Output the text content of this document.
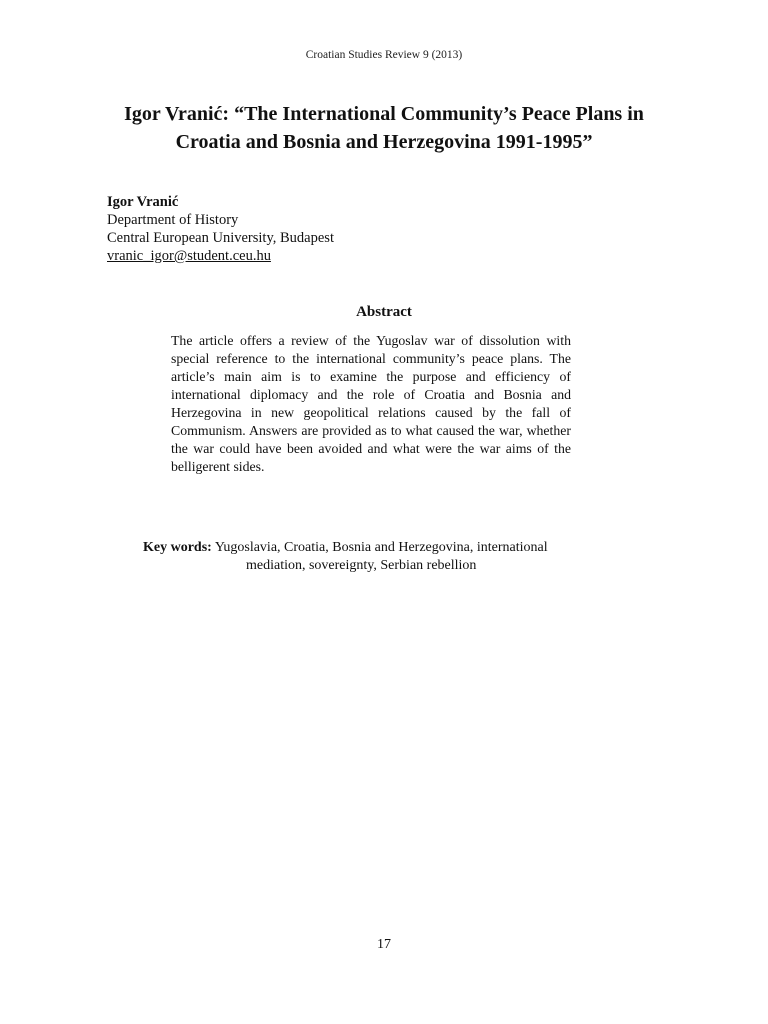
Croatian Studies Review 9 (2013)
Igor Vranić: “The International Community’s Peace Plans in
Croatia and Bosnia and Herzegovina 1991-1995”
Igor Vranić
Department of History
Central European University, Budapest
vranic_igor@student.ceu.hu
Abstract
The article offers a review of the Yugoslav war of dissolution with special reference to the international community’s peace plans. The article’s main aim is to examine the purpose and efficiency of international diplomacy and the role of Croatia and Bosnia and Herzegovina in new geopolitical relations caused by the fall of Communism. Answers are provided as to what caused the war, whether the war could have been avoided and what were the war aims of the belligerent sides.
Key words: Yugoslavia, Croatia, Bosnia and Herzegovina, international
mediation, sovereignty, Serbian rebellion
17
